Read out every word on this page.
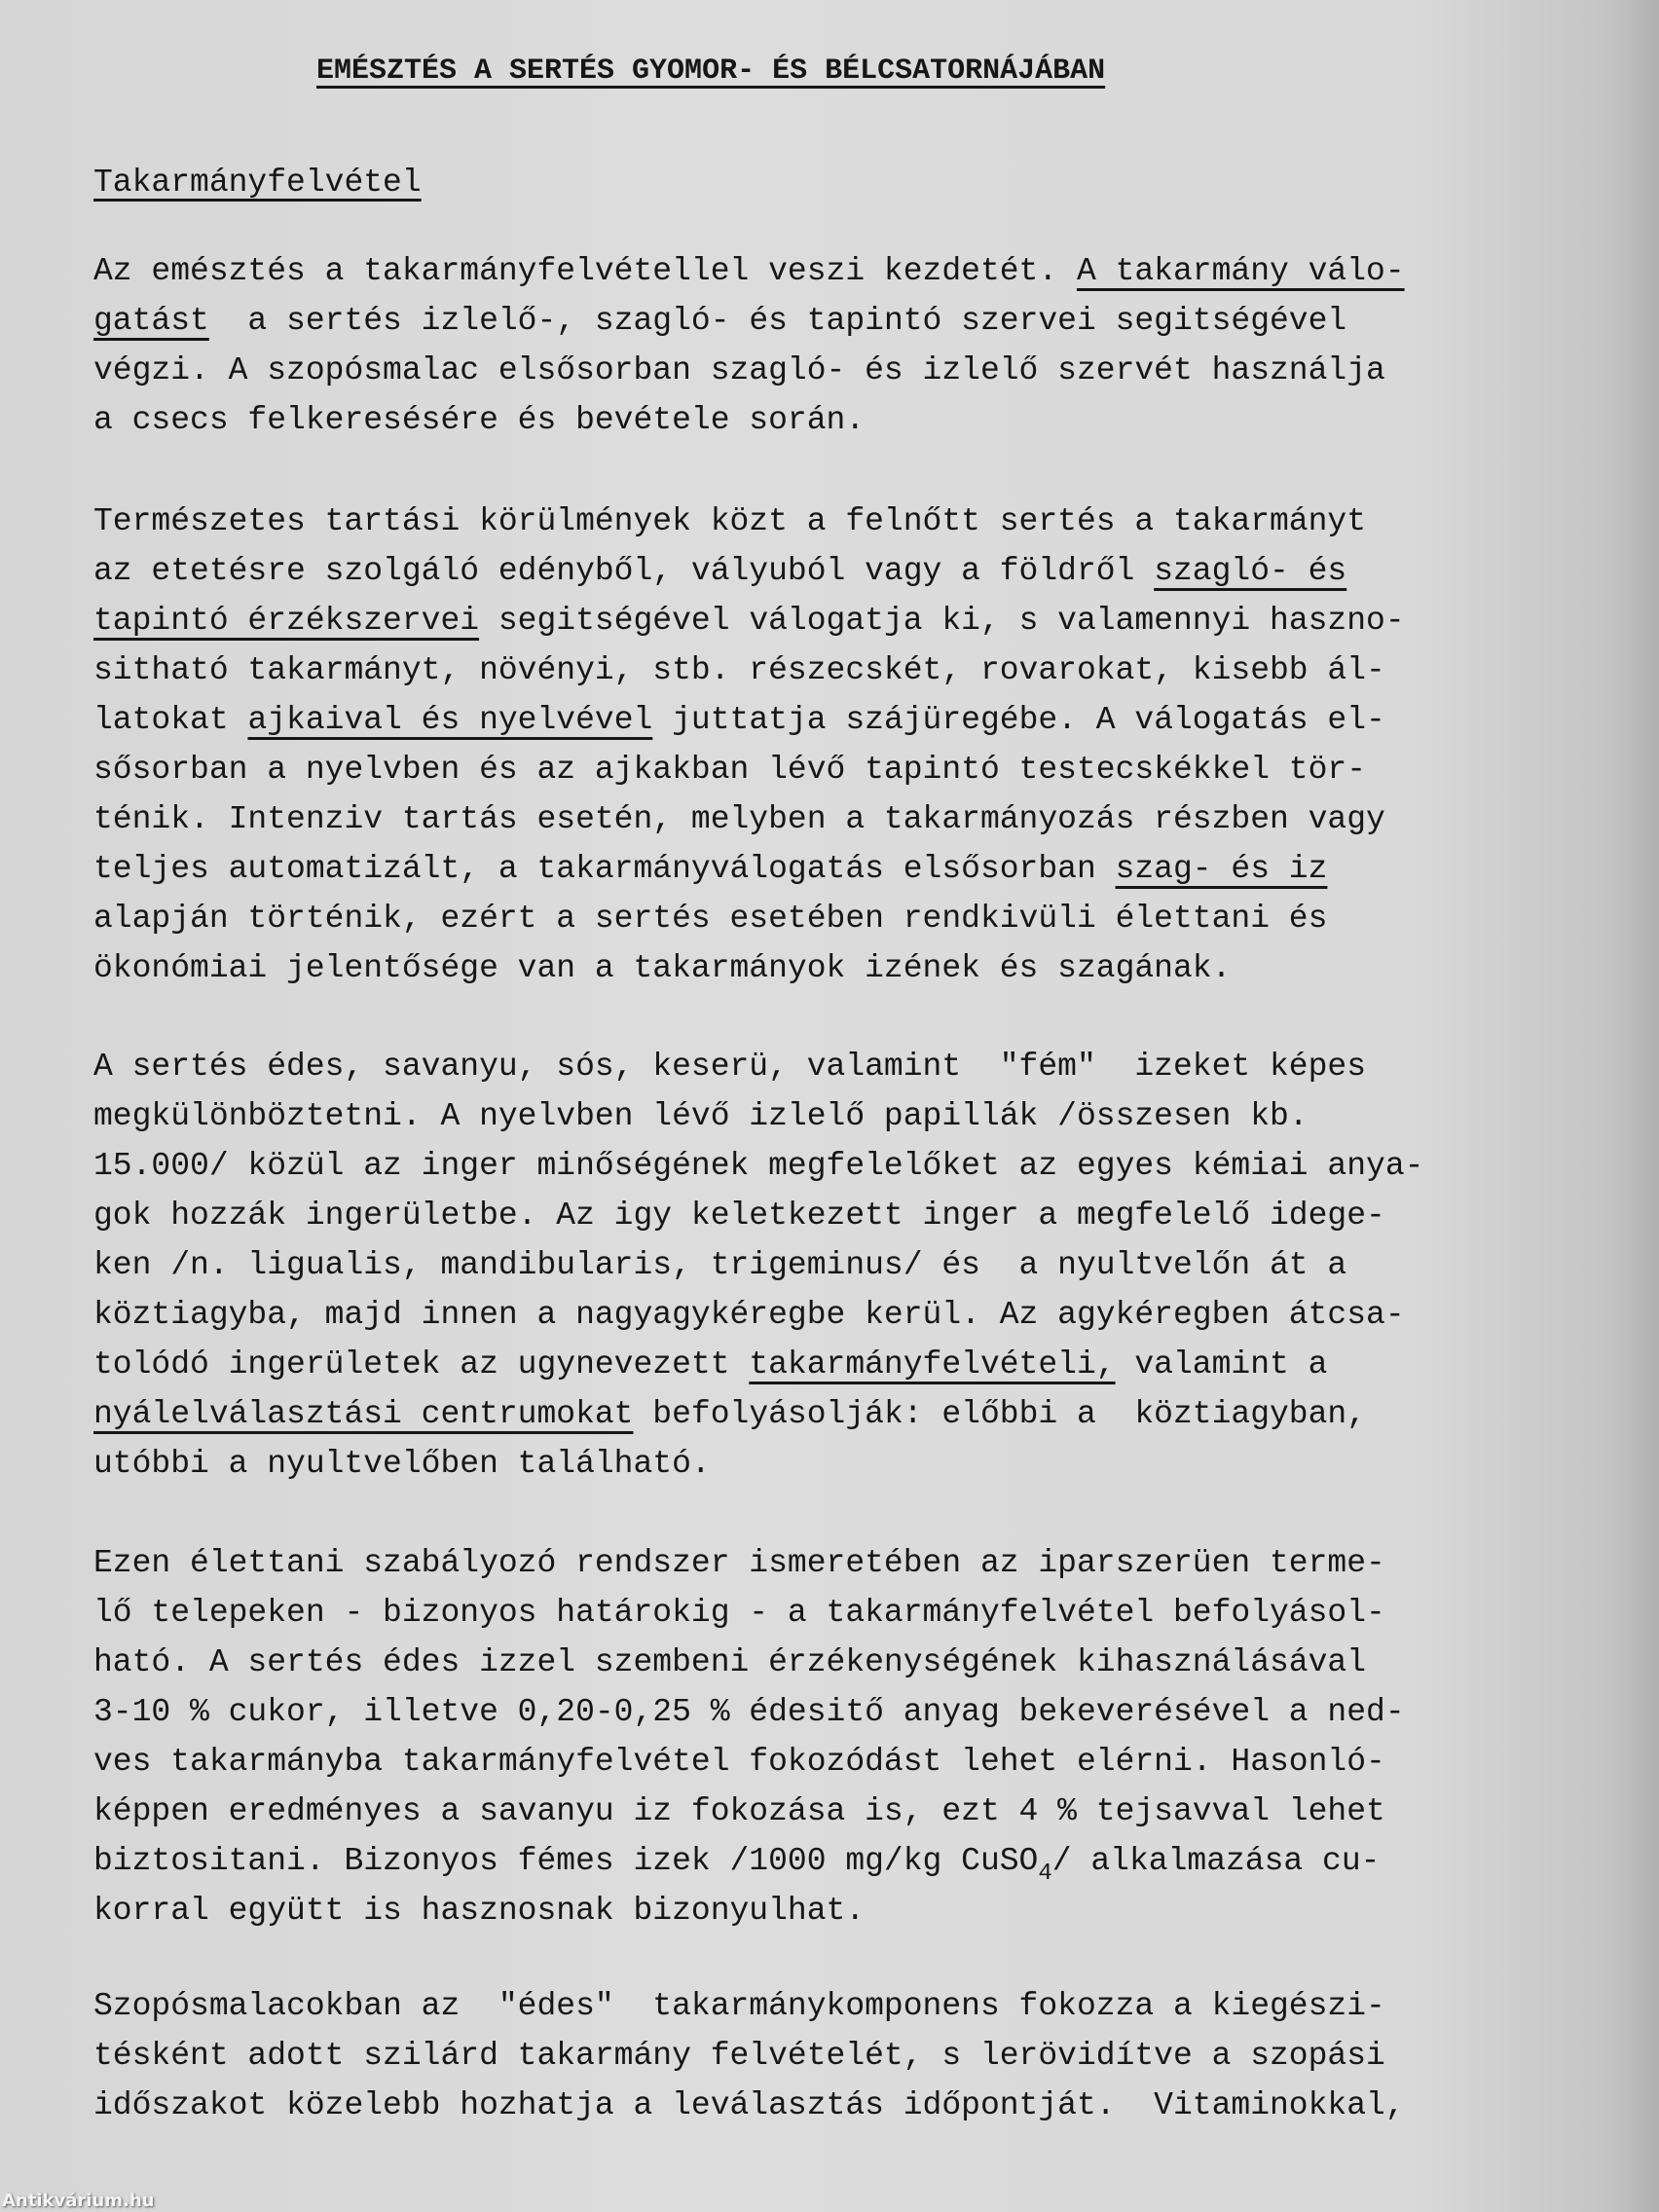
EMÉSZTÉS A SERTÉS GYOMOR- ÉS BÉLCSATORNÁJÁBAN
Takarmányfelvétel
Az emésztés a takarmányfelvétellel veszi kezdetét. A takarmány válo-
gatást  a sertés izlelő-, szagló- és tapintó szervei segitségével
végzi. A szopósmalac elsősorban szagló- és izlelő szervét használja
a csecs felkeresésére és bevétele során.
Természetes tartási körülmények közt a felnőtt sertés a takarmányt
az etetésre szolgáló edényből, vályuból vagy a földről szagló- és
tapintó érzékszervei segitségével válogatja ki, s valamennyi haszno-
sitható takarmányt, növényi, stb. részecskét, rovarokat, kisebb ál-
latokat ajkaival és nyelvével juttatja szájüregébe. A válogatás el-
sősorban a nyelvben és az ajkakban lévő tapintó testecskékkel tör-
ténik. Intenziv tartás esetén, melyben a takarmányozás részben vagy
teljes automatizált, a takarmányválogatás elsősorban szag- és iz
alapján történik, ezért a sertés esetében rendkivüli élettani és
ökonómiai jelentősége van a takarmányok izének és szagának.
A sertés édes, savanyu, sós, keserü, valamint  "fém"  izeket képes
megkülönböztetni. A nyelvben lévő izlelő papillák /összesen kb.
15.000/ közül az inger minőségének megfelelőket az egyes kémiai anya-
gok hozzák ingerületbe. Az igy keletkezett inger a megfelelő idege-
ken /n. ligualis, mandibularis, trigeminus/ és  a nyultvelőn át a
köztiagyba, majd innen a nagyagykéregbe kerül. Az agykéregben átcsa-
tolódó ingerületek az ugynevezett takarmányfelvételi, valamint a
nyálelválasztási centrumokat befolyásolják: előbbi a  köztiagyban,
utóbbi a nyultvelőben található.
Ezen élettani szabályozó rendszer ismeretében az iparszerüen terme-
lő telepeken - bizonyos határokig - a takarmányfelvétel befolyásol-
ható. A sertés édes izzel szembeni érzékenységének kihasználásával
3-10 % cukor, illetve 0,20-0,25 % édesitő anyag bekeverésével a ned-
ves takarmányba takarmányfelvétel fokozódást lehet elérni. Hasonló-
képpen eredményes a savanyu iz fokozása is, ezt 4 % tejsavval lehet
biztositani. Bizonyos fémes izek /1000 mg/kg CuSO$_4$/ alkalmazása cu-
korral együtt is hasznosnak bizonyulhat.
Szopósmalacokban az  "édes"  takarmánykomponens fokozza a kiegészi-
tésként adott szilárd takarmány felvételét, s lerövidítve a szopási
időszakot közelebb hozhatja a leválasztás időpontját.  Vitaminokkal,
Antikvárium.hu
